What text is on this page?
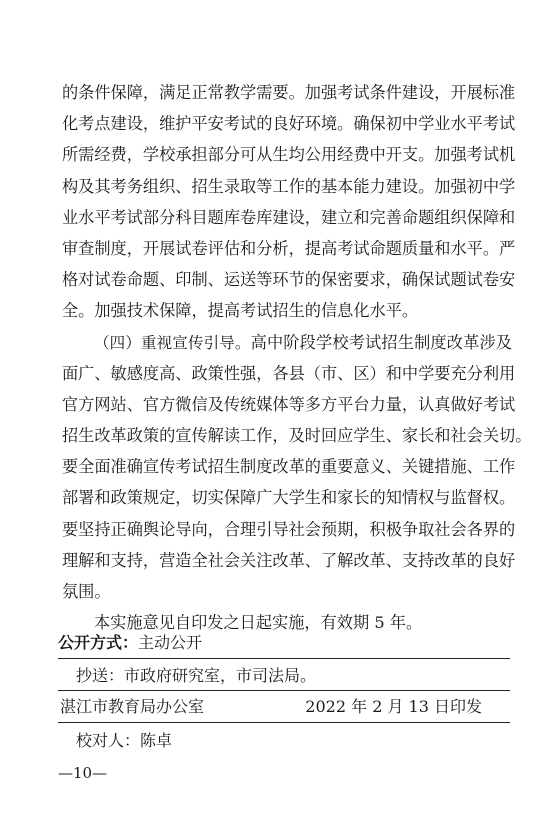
的条件保障，满足正常教学需要。加强考试条件建设，开展标准
化考点建设，维护平安考试的良好环境。确保初中学业水平考试
所需经费，学校承担部分可从生均公用经费中开支。加强考试机
构及其考务组织、招生录取等工作的基本能力建设。加强初中学
业水平考试部分科目题库卷库建设，建立和完善命题组织保障和
审查制度，开展试卷评估和分析，提高考试命题质量和水平。严
格对试卷命题、印制、运送等环节的保密要求，确保试题试卷安
全。加强技术保障，提高考试招生的信息化水平。
（四）重视宣传引导。高中阶段学校考试招生制度改革涉及
面广、敏感度高、政策性强，各县（市、区）和中学要充分利用
官方网站、官方微信及传统媒体等多方平台力量，认真做好考试
招生改革政策的宣传解读工作，及时回应学生、家长和社会关切。
要全面准确宣传考试招生制度改革的重要意义、关键措施、工作
部署和政策规定，切实保障广大学生和家长的知情权与监督权。
要坚持正确舆论导向，合理引导社会预期，积极争取社会各界的
理解和支持，营造全社会关注改革、了解改革、支持改革的良好
氛围。
本实施意见自印发之日起实施，有效期 5 年。
公开方式：主动公开
抄送：市政府研究室，市司法局。
湛江市教育局办公室	2022 年 2 月 13 日印发
校对人：陈卓
—10—
